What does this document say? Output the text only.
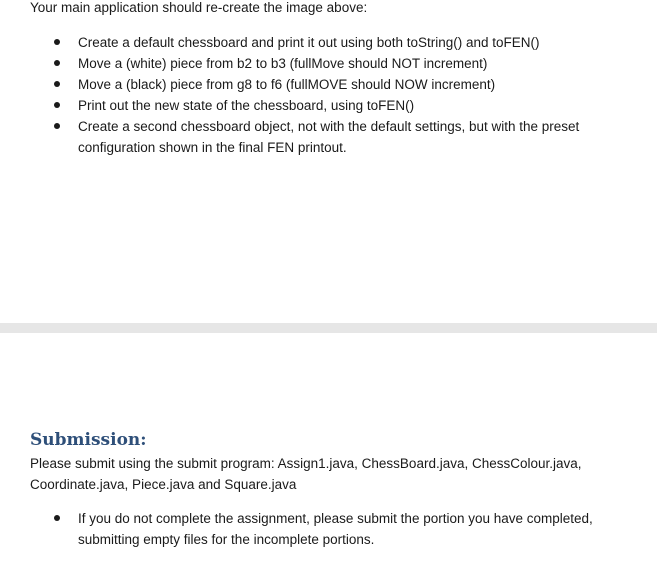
Your main application should re-create the image above:
Create a default chessboard and print it out using both toString() and toFEN()
Move a (white) piece from b2 to b3 (fullMove should NOT increment)
Move a (black) piece from g8 to f6 (fullMOVE should NOW increment)
Print out the new state of the chessboard, using toFEN()
Create a second chessboard object, not with the default settings, but with the preset configuration shown in the final FEN printout.
Submission:
Please submit using the submit program: Assign1.java, ChessBoard.java, ChessColour.java, Coordinate.java, Piece.java and Square.java
If you do not complete the assignment, please submit the portion you have completed, submitting empty files for the incomplete portions.
